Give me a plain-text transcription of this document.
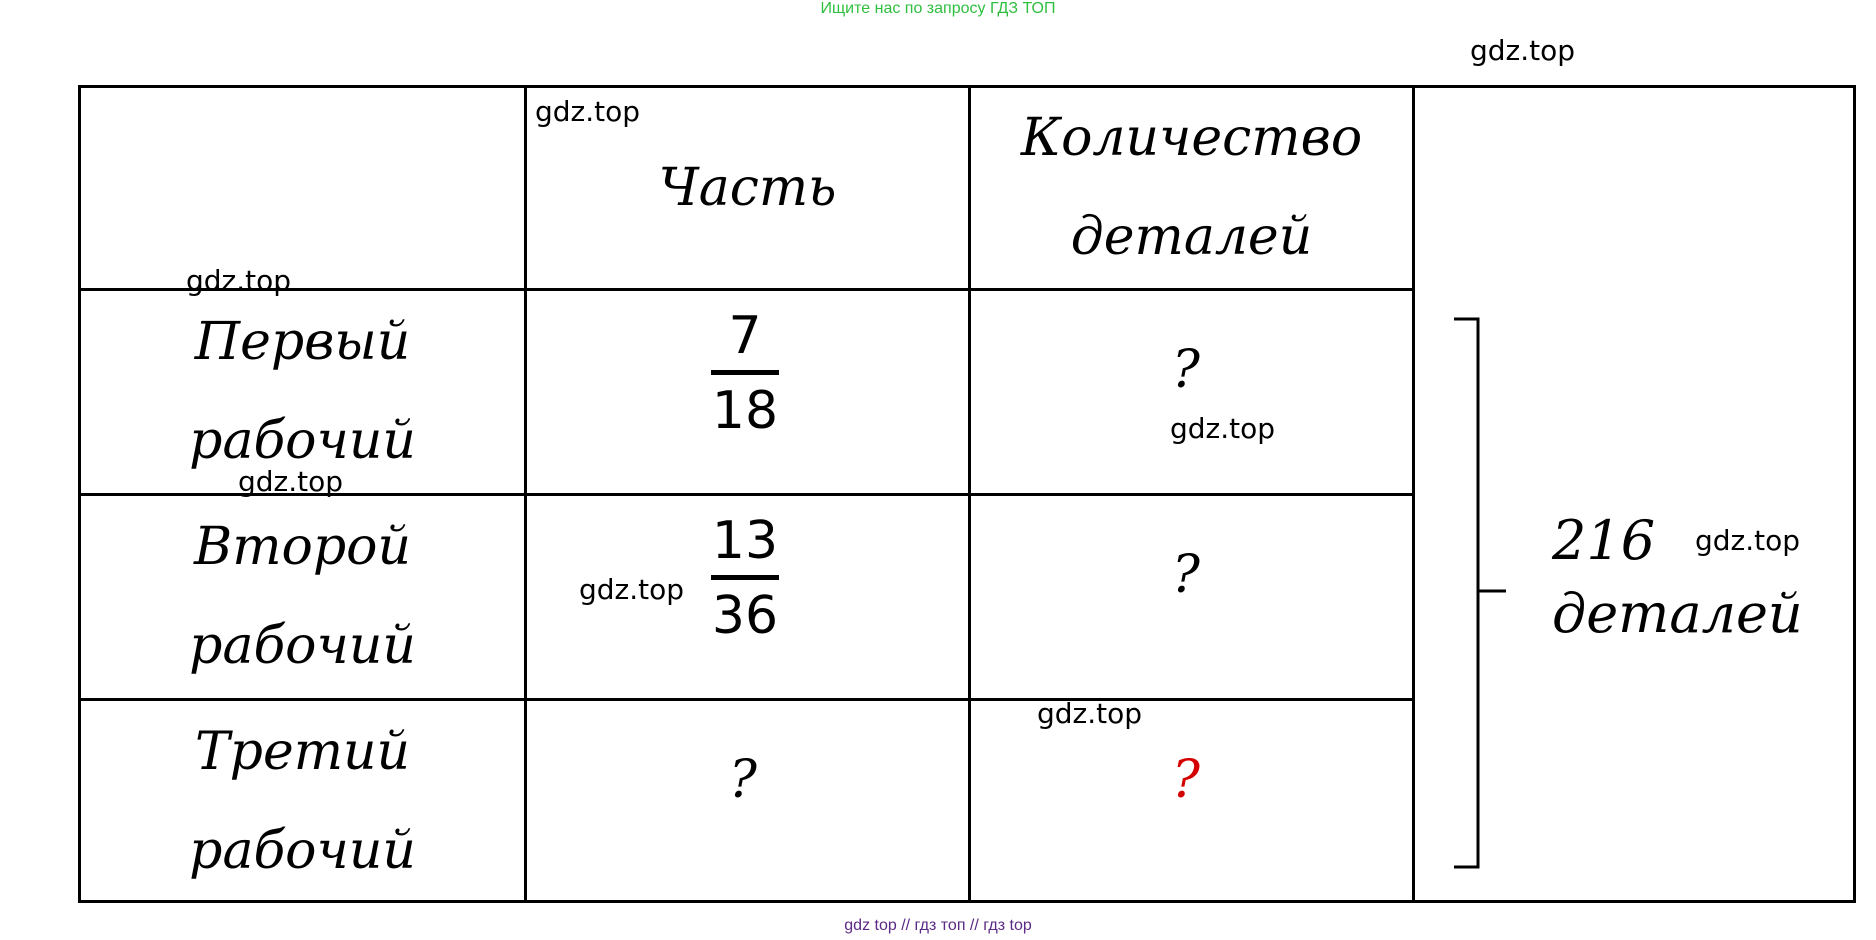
Ищите нас по запросу ГДЗ ТОП
Часть
Количество
деталей
Первый
рабочий
7
18
?
Второй
рабочий
13
36
?
Третий
рабочий
?	?
216
деталей
gdz.top
gdz.top
gdz.top
gdz.top
gdz.top
gdz.top
gdz.top
gdz.top
gdz top // гдз топ // гдз top
